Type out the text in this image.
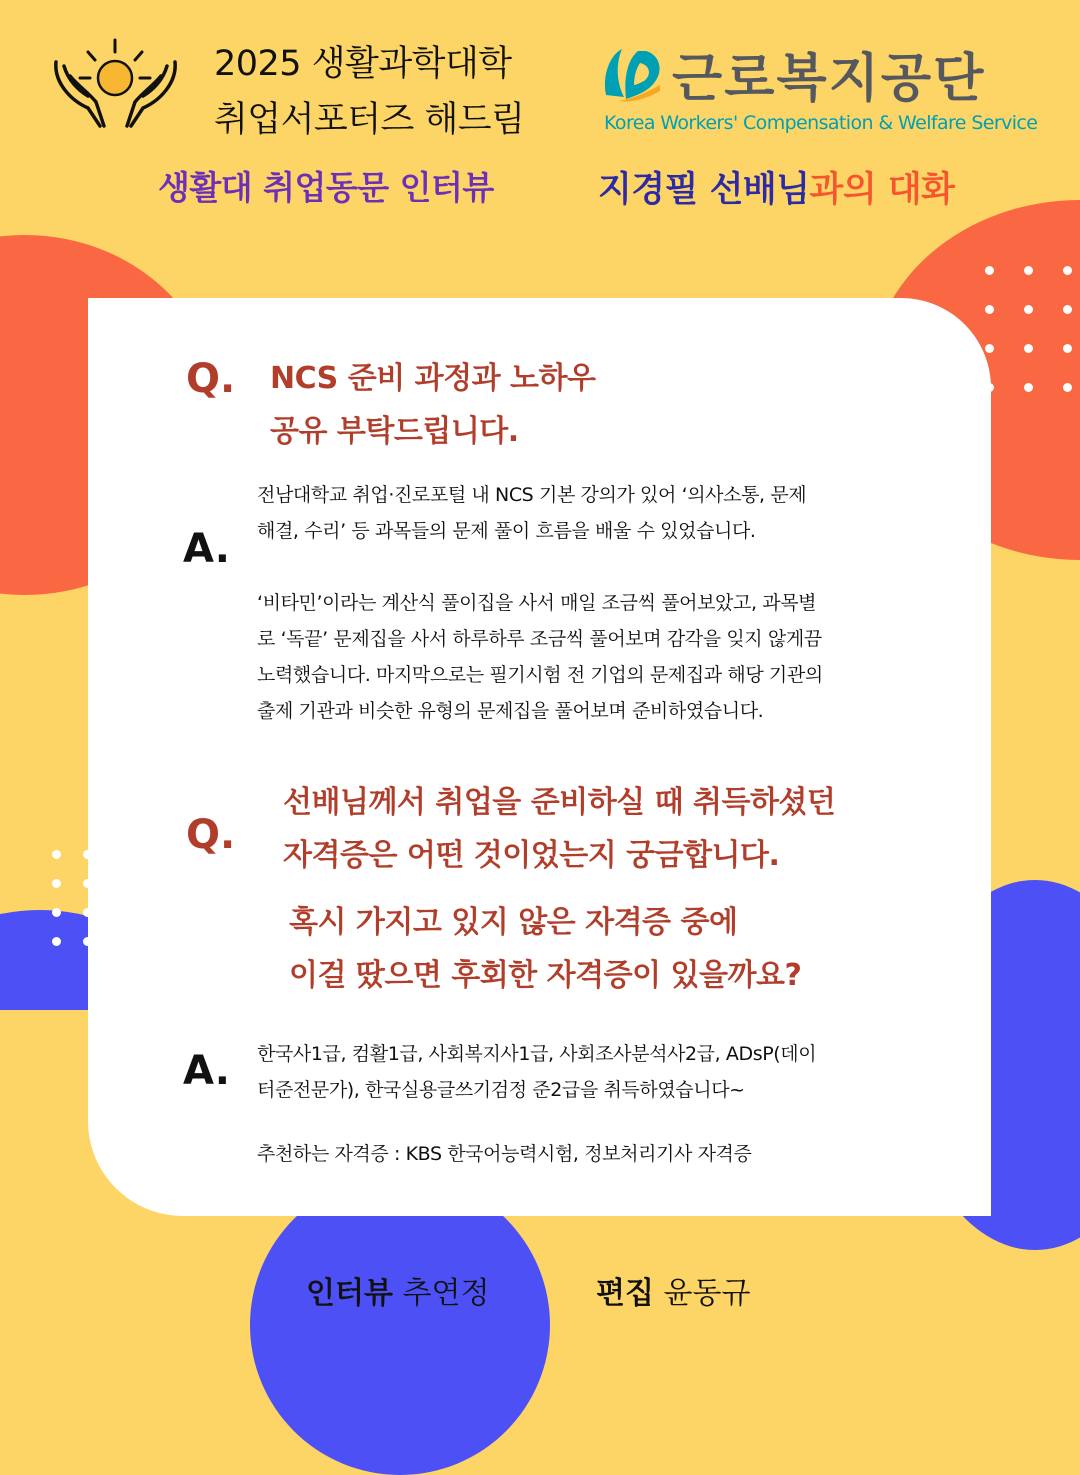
2025 생활과학대학
취업서포터즈 해드림
생활대 취업동문 인터뷰	지경필 선배님과의 대화
근로복지공단
Korea Workers' Compensation & Welfare Service
Q. NCS 준비 과정과 노하우
공유 부탁드립니다.
A.
전남대학교 취업·진로포털 내 NCS 기본 강의가 있어 ‘의사소통, 문제
해결, 수리’ 등 과목들의 문제 풀이 흐름을 배울 수 있었습니다.
‘비타민’이라는 계산식 풀이집을 사서 매일 조금씩 풀어보았고, 과목별
로 ‘독끝’ 문제집을 사서 하루하루 조금씩 풀어보며 감각을 잊지 않게끔
노력했습니다. 마지막으로는 필기시험 전 기업의 문제집과 해당 기관의
출제 기관과 비슷한 유형의 문제집을 풀어보며 준비하였습니다.
Q.
선배님께서 취업을 준비하실 때 취득하셨던
자격증은 어떤 것이었는지 궁금합니다.
혹시 가지고 있지 않은 자격증 중에
이걸 땄으면 후회한 자격증이 있을까요?
A. 한국사1급, 컴활1급, 사회복지사1급, 사회조사분석사2급, ADsP(데이
터준전문가), 한국실용글쓰기검정 준2급을 취득하였습니다~
추천하는 자격증 : KBS 한국어능력시험, 정보처리기사 자격증
인터뷰 추연정	편집 윤동규
